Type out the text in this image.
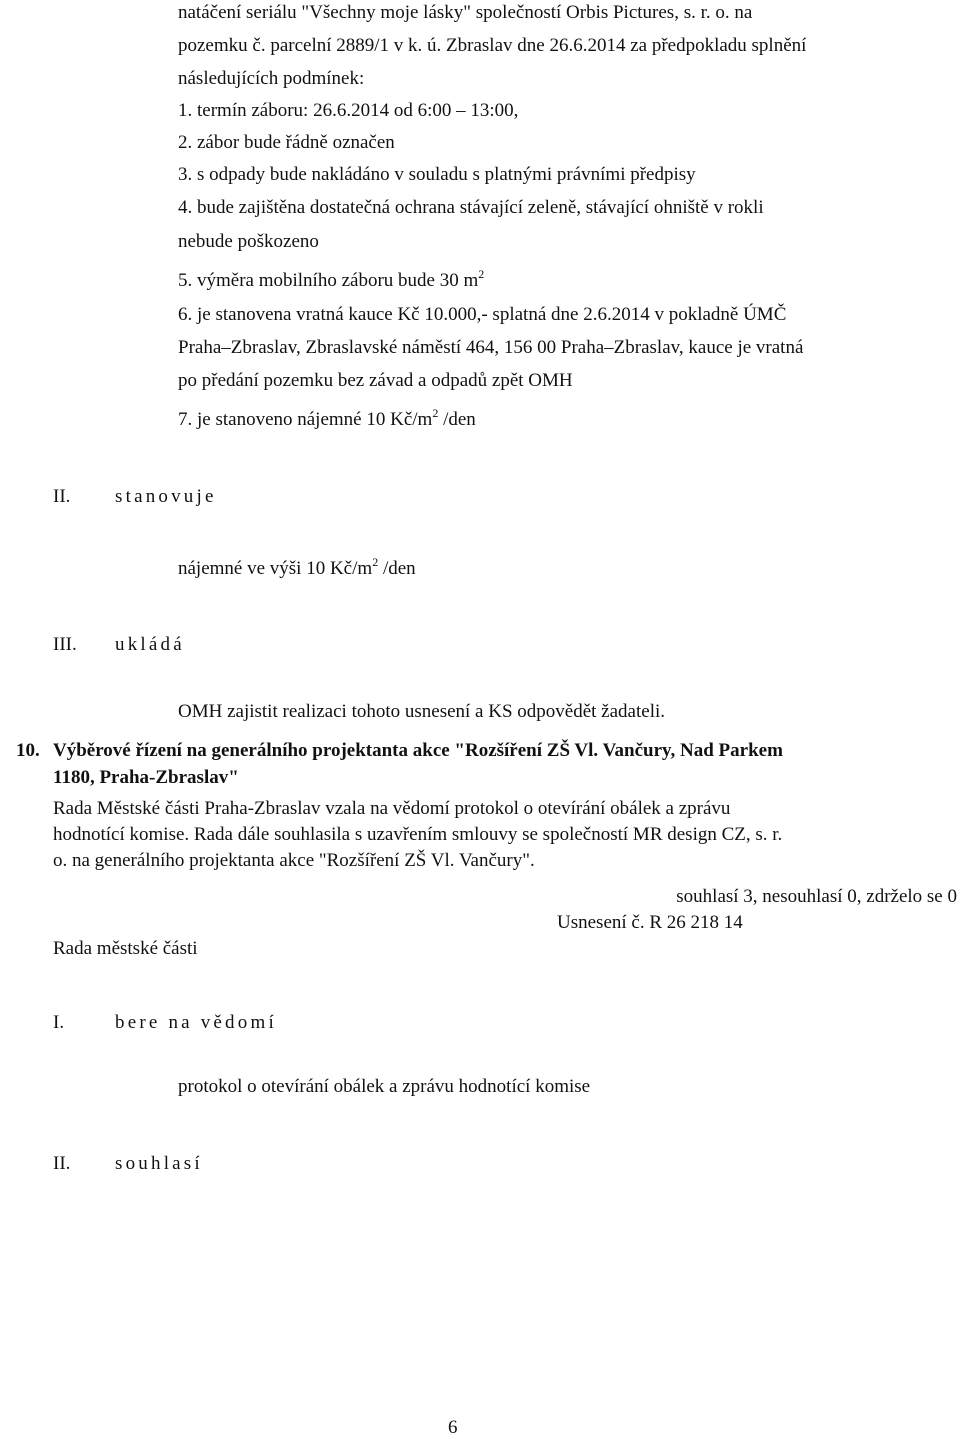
natáčení seriálu "Všechny moje lásky" společností Orbis Pictures, s. r. o. na
pozemku č. parcelní 2889/1 v k. ú. Zbraslav dne 26.6.2014 za předpokladu splnění
následujících podmínek:
1. termín záboru: 26.6.2014 od 6:00 – 13:00,
2. zábor bude řádně označen
3. s odpady bude nakládáno v souladu s platnými právními předpisy
4. bude zajištěna dostatečná ochrana stávající zeleně, stávající ohniště v rokli
nebude poškozeno
5. výměra mobilního záboru bude 30 $m^2$
6. je stanovena vratná kauce Kč 10.000,- splatná dne 2.6.2014 v pokladně ÚMČ
Praha–Zbraslav, Zbraslavské náměstí 464, 156 00 Praha–Zbraslav, kauce je vratná
po předání pozemku bez závad a odpadů zpět OMH
7. je stanoveno nájemné 10 $Kč/m^2$ /den
II. stanovuje
nájemné ve výši 10 $Kč/m^2$ /den
III. ukládá
OMH zajistit realizaci tohoto usnesení a KS odpovědět žadateli.
10. Výběrové řízení na generálního projektanta akce "Rozšíření ZŠ Vl. Vančury, Nad Parkem
1180, Praha-Zbraslav"
Rada Městské části Praha-Zbraslav vzala na vědomí protokol o otevírání obálek a zprávu
hodnotící komise. Rada dále souhlasila s uzavřením smlouvy se společností MR design CZ, s. r.
o. na generálního projektanta akce "Rozšíření ZŠ Vl. Vančury".
souhlasí 3, nesouhlasí 0, zdrželo se 0
Usnesení č. R 26 218 14
Rada městské části
I.	bere na vědomí
protokol o otevírání obálek a zprávu hodnotící komise
II. souhlasí
6
